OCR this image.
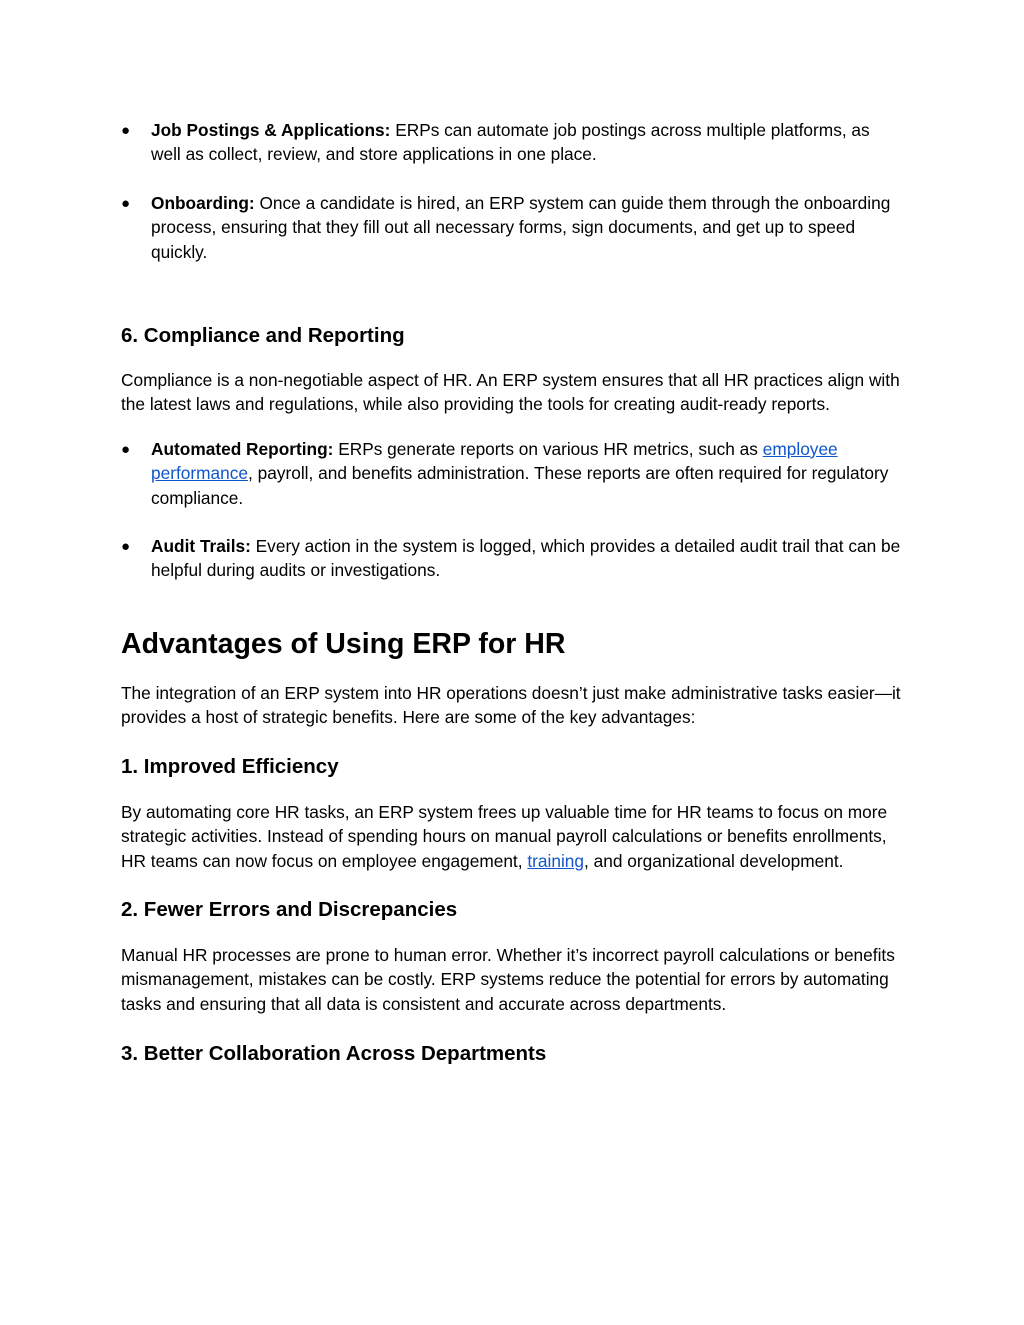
● Job Postings & Applications: ERPs can automate job postings across multiple platforms, as well as collect, review, and store applications in one place.
● Onboarding: Once a candidate is hired, an ERP system can guide them through the onboarding process, ensuring that they fill out all necessary forms, sign documents, and get up to speed quickly.
6. Compliance and Reporting

Compliance is a non-negotiable aspect of HR. An ERP system ensures that all HR practices align with the latest laws and regulations, while also providing the tools for creating audit-ready reports.

● Automated Reporting: ERPs generate reports on various HR metrics, such as employee performance, payroll, and benefits administration. These reports are often required for regulatory compliance.
● Audit Trails: Every action in the system is logged, which provides a detailed audit trail that can be helpful during audits or investigations.
Advantages of Using ERP for HR

The integration of an ERP system into HR operations doesn’t just make administrative tasks easier—it provides a host of strategic benefits. Here are some of the key advantages:

1. Improved Efficiency

By automating core HR tasks, an ERP system frees up valuable time for HR teams to focus on more strategic activities. Instead of spending hours on manual payroll calculations or benefits enrollments, HR teams can now focus on employee engagement, training, and organizational development.

2. Fewer Errors and Discrepancies

Manual HR processes are prone to human error. Whether it’s incorrect payroll calculations or benefits mismanagement, mistakes can be costly. ERP systems reduce the potential for errors by automating tasks and ensuring that all data is consistent and accurate across departments.

3. Better Collaboration Across Departments
